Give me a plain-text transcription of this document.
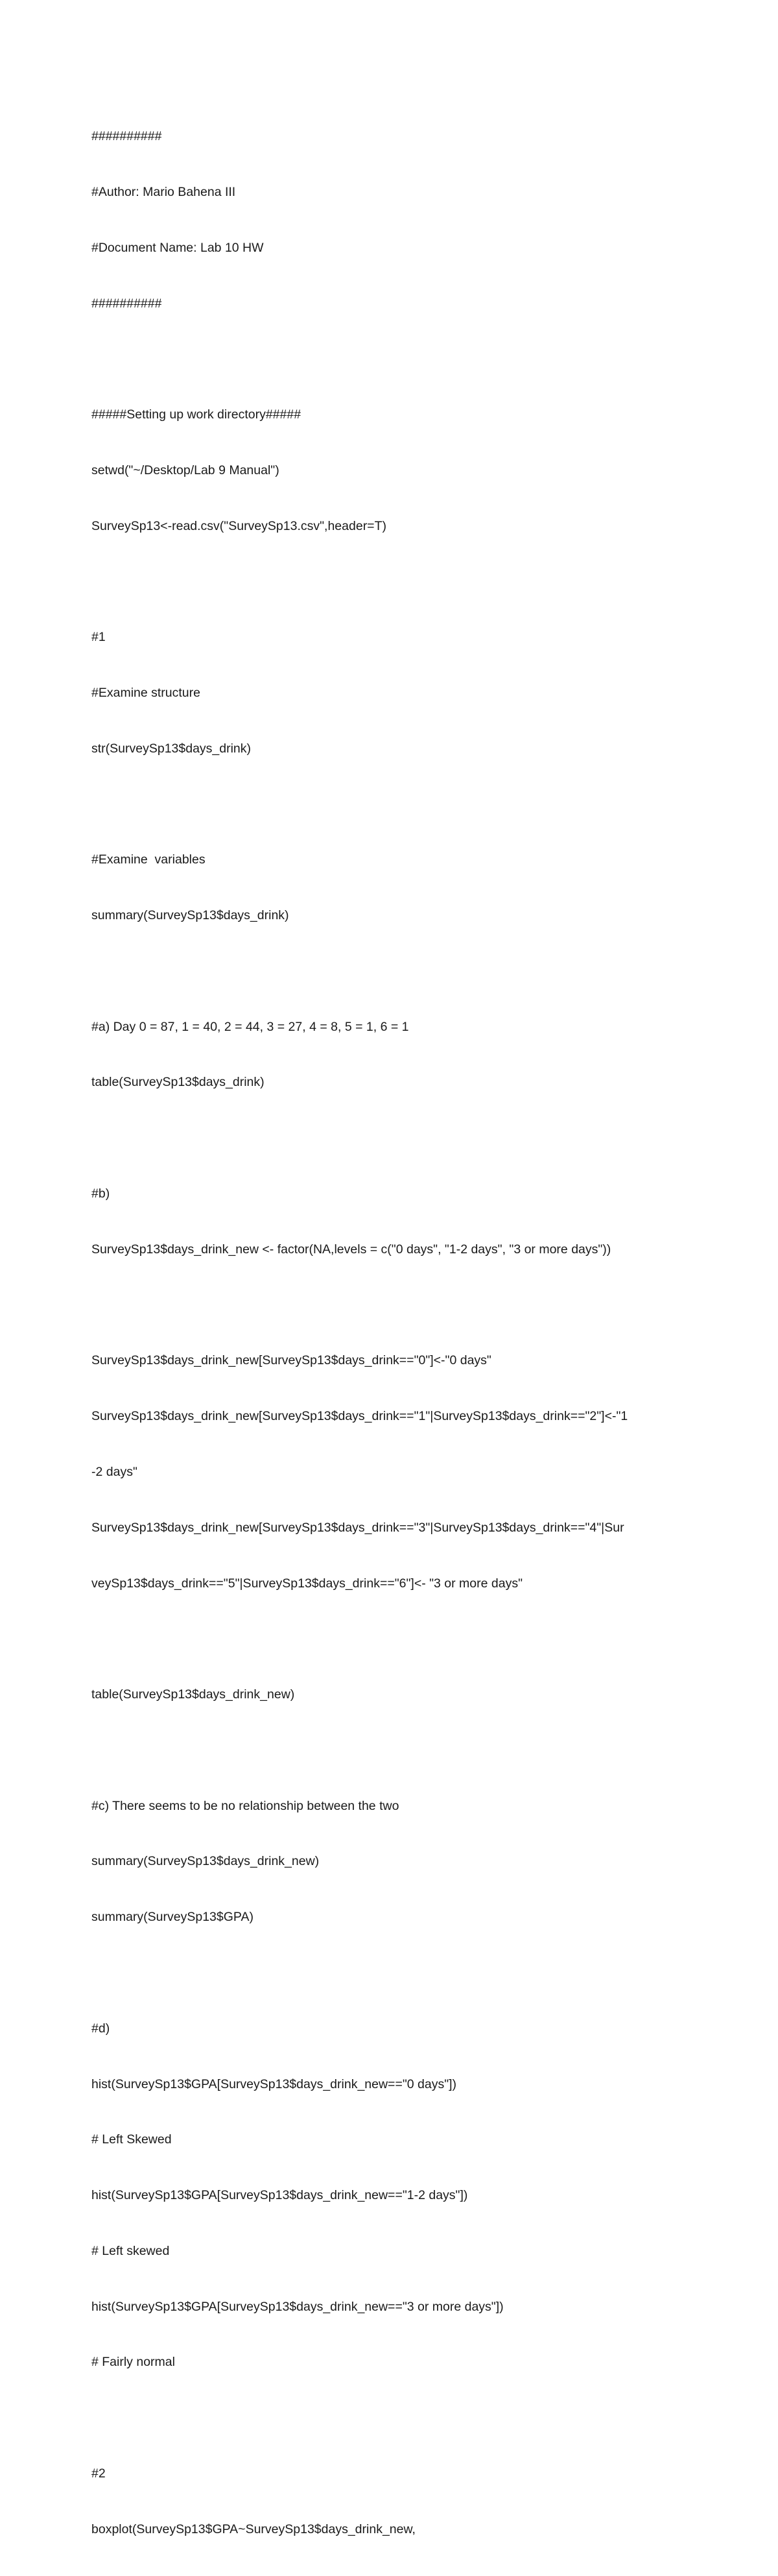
##########

#Author: Mario Bahena III

#Document Name: Lab 10 HW

##########

#####Setting up work directory#####

setwd("~/Desktop/Lab 9 Manual")

SurveySp13<-read.csv("SurveySp13.csv",header=T)

#1

#Examine structure

str(SurveySp13$days_drink)

#Examine  variables

summary(SurveySp13$days_drink)

#a) Day 0 = 87, 1 = 40, 2 = 44, 3 = 27, 4 = 8, 5 = 1, 6 = 1

table(SurveySp13$days_drink)

#b)

SurveySp13$days_drink_new <- factor(NA,levels = c("0 days", "1-2 days", "3 or more days"))

SurveySp13$days_drink_new[SurveySp13$days_drink=="0"]<-"0 days"

SurveySp13$days_drink_new[SurveySp13$days_drink=="1"|SurveySp13$days_drink=="2"]<-"1

-2 days"

SurveySp13$days_drink_new[SurveySp13$days_drink=="3"|SurveySp13$days_drink=="4"|Sur

veySp13$days_drink=="5"|SurveySp13$days_drink=="6"]<- "3 or more days"

table(SurveySp13$days_drink_new)

#c) There seems to be no relationship between the two

summary(SurveySp13$days_drink_new)

summary(SurveySp13$GPA)

#d)

hist(SurveySp13$GPA[SurveySp13$days_drink_new=="0 days"])

# Left Skewed

hist(SurveySp13$GPA[SurveySp13$days_drink_new=="1-2 days"])

# Left skewed

hist(SurveySp13$GPA[SurveySp13$days_drink_new=="3 or more days"])

# Fairly normal

#2

boxplot(SurveySp13$GPA~SurveySp13$days_drink_new,
